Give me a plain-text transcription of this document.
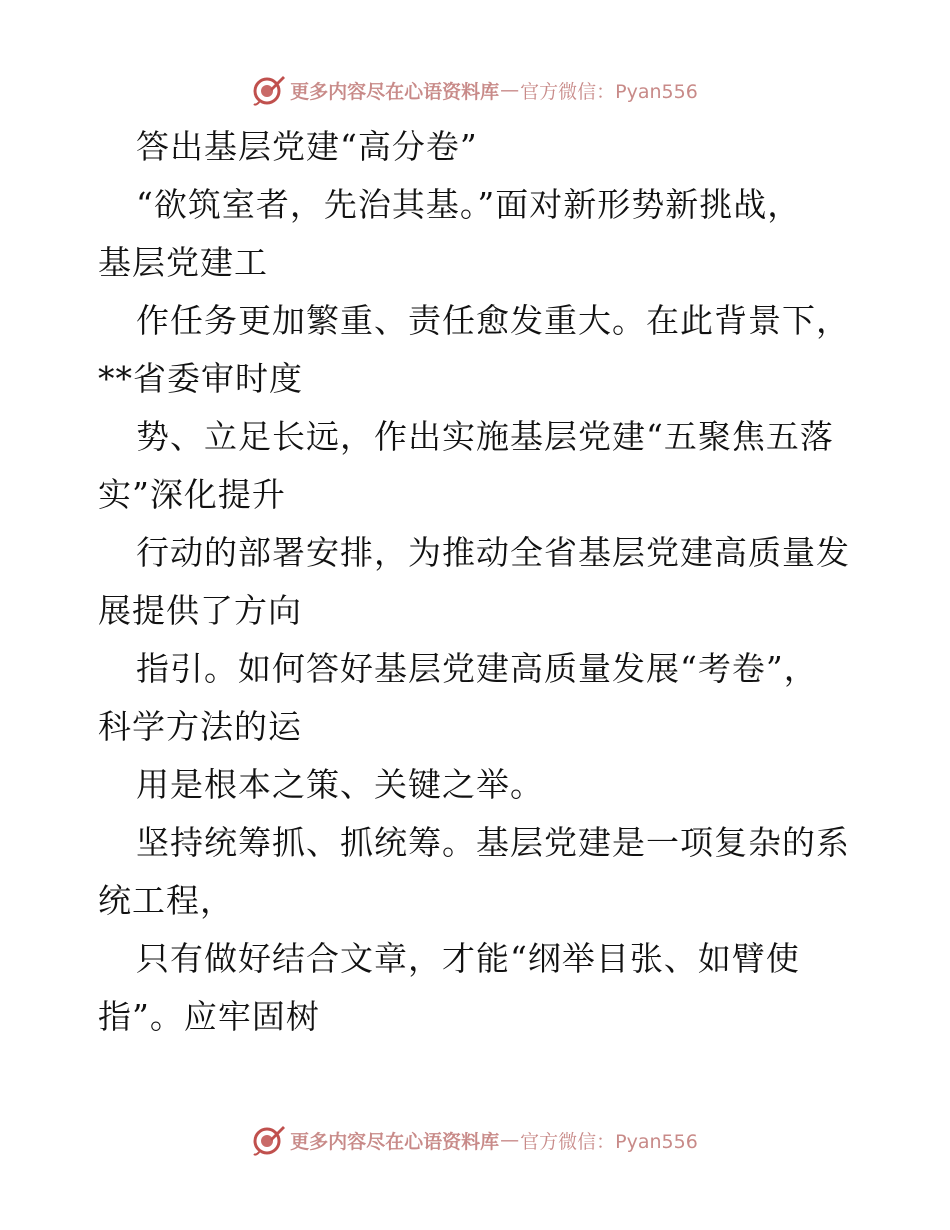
更多内容尽在心语资料库 — 官方微信：Pyan556
答出基层党建“高分卷”
“欲筑室者，先治其基。”面对新形势新挑战，
基层党建工
作任务更加繁重、责任愈发重大。在此背景下，
**省委审时度
势、立足长远，作出实施基层党建“五聚焦五落
实”深化提升
行动的部署安排，为推动全省基层党建高质量发
展提供了方向
指引。如何答好基层党建高质量发展“考卷”，
科学方法的运
用是根本之策、关键之举。
坚持统筹抓、抓统筹。基层党建是一项复杂的系
统工程，
只有做好结合文章，才能“纲举目张、如臂使
指”。应牢固树
更多内容尽在心语资料库 — 官方微信：Pyan556
